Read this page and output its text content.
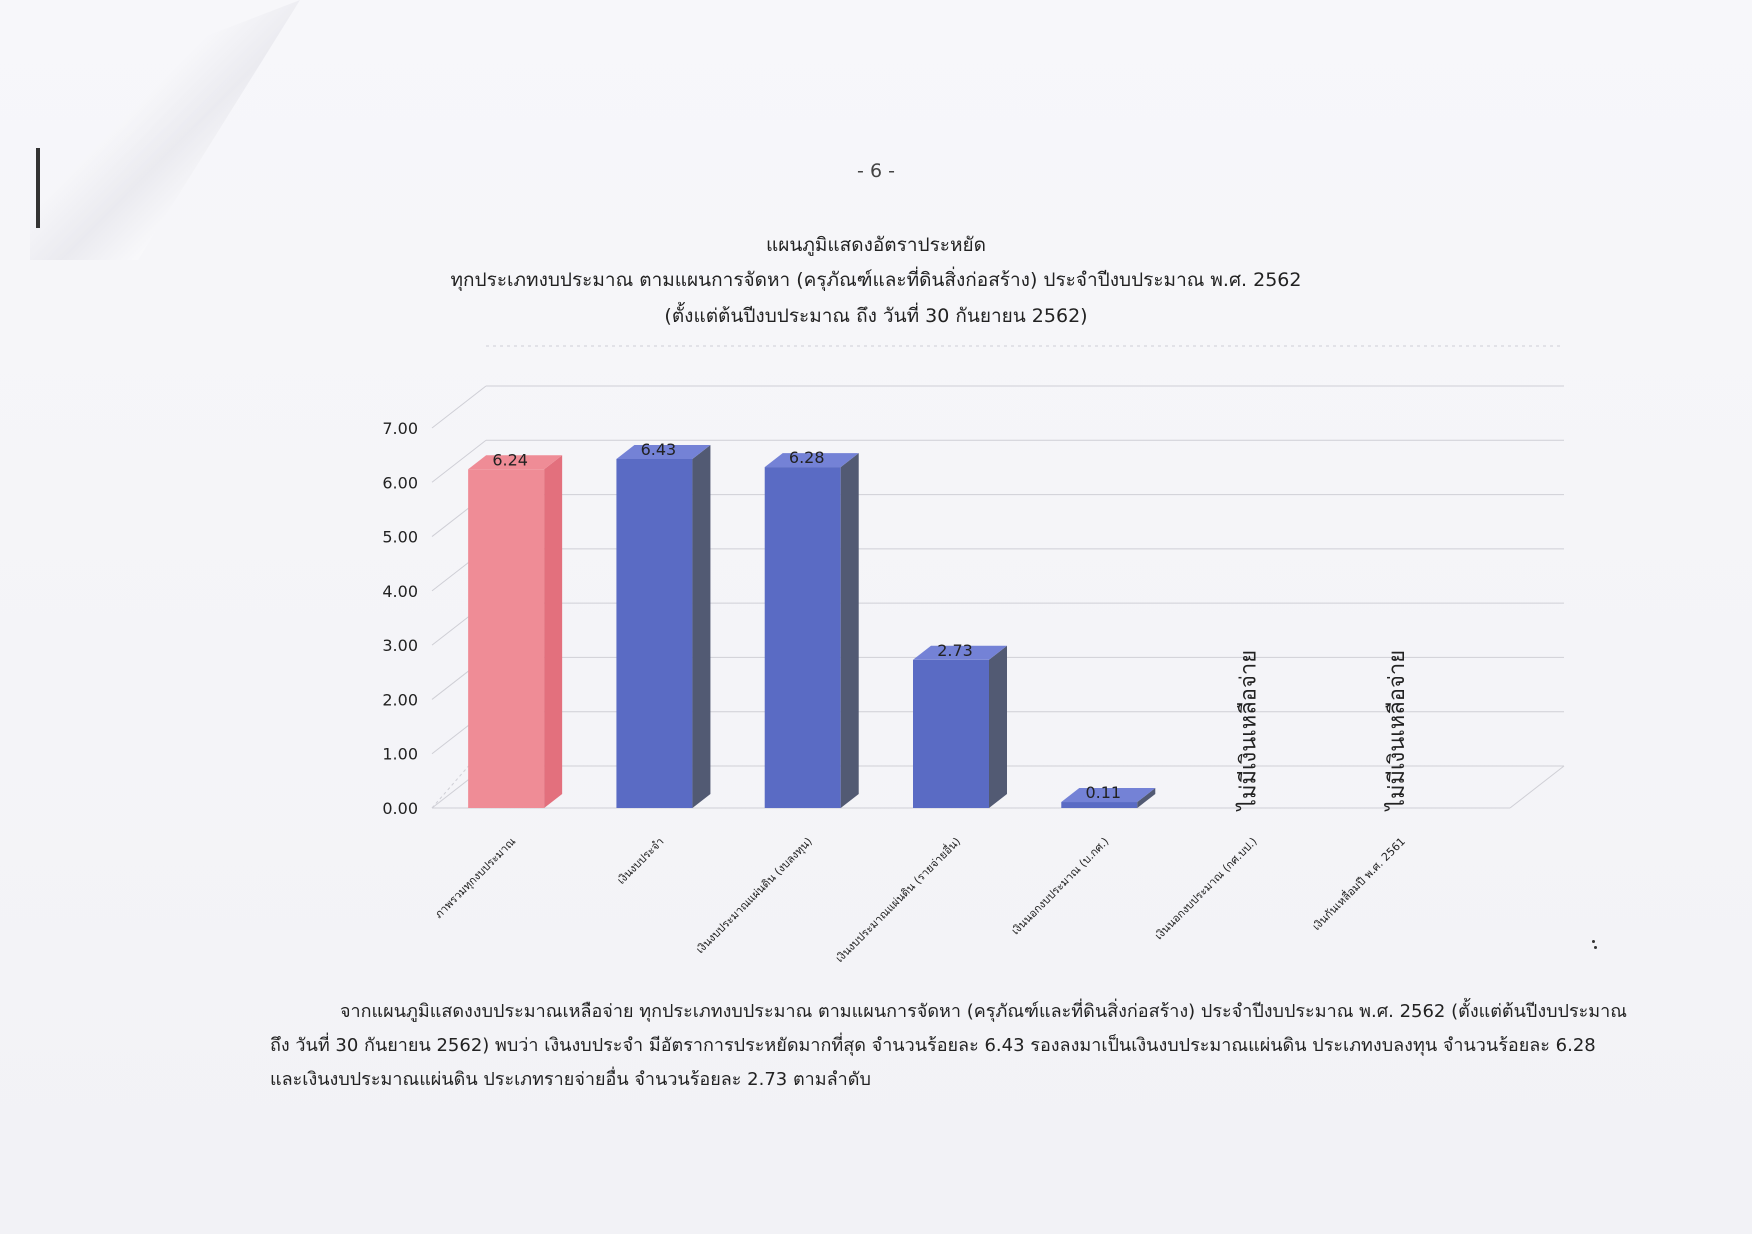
- 6 -
แผนภูมิแสดงอัตราประหยัด
ทุกประเภทงบประมาณ ตามแผนการจัดหา (ครุภัณฑ์และที่ดินสิ่งก่อสร้าง) ประจำปีงบประมาณ พ.ศ. 2562
(ตั้งแต่ต้นปีงบประมาณ ถึง วันที่ 30 กันยายน 2562)
0.00
1.00
2.00
3.00
4.00
5.00
6.00
7.00
6.24
ภาพรวมทุกงบประมาณ
6.43
เงินงบประจำ
6.28
เงินงบประมาณแผ่นดิน (งบลงทุน)
2.73
เงินงบประมาณแผ่นดิน (รายจ่ายอื่น)
0.11
เงินนอกงบประมาณ (บ.กศ.)
ไม่มีเงินเหลือจ่าย
เงินนอกงบประมาณ (กศ.บป.)
ไม่มีเงินเหลือจ่าย
เงินกันเหลื่อมปี พ.ศ. 2561
จากแผนภูมิแสดงงบประมาณเหลือจ่าย ทุกประเภทงบประมาณ ตามแผนการจัดหา (ครุภัณฑ์และที่ดินสิ่งก่อสร้าง) ประจำปีงบประมาณ พ.ศ. 2562 (ตั้งแต่ต้นปีงบประมาณ ถึง วันที่ 30 กันยายน 2562) พบว่า เงินงบประจำ มีอัตราการประหยัดมากที่สุด จำนวนร้อยละ 6.43 รองลงมาเป็นเงินงบประมาณแผ่นดิน ประเภทงบลงทุน จำนวนร้อยละ 6.28 และเงินงบประมาณแผ่นดิน ประเภทรายจ่ายอื่น จำนวนร้อยละ 2.73 ตามลำดับ
